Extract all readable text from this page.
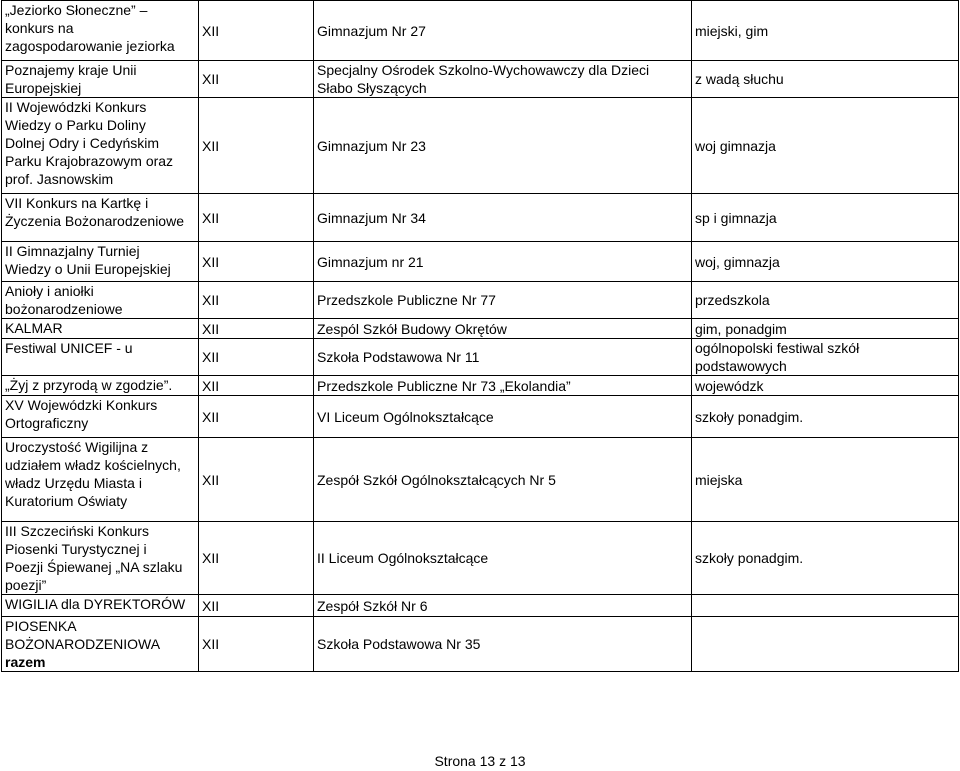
„Jeziorko Słoneczne” –
konkurs na
zagospodarowanie jeziorka	XII	Gimnazjum Nr 27	miejski, gim

Poznajemy kraje Unii
Europejskiej	XII	Specjalny Ośrodek Szkolno-Wychowawczy dla Dzieci
Słabo Słyszących	z wadą słuchu

II Wojewódzki Konkurs
Wiedzy o Parku Doliny
Dolnej Odry i Cedyńskim
Parku Krajobrazowym oraz
prof. Jasnowskim	XII	Gimnazjum Nr 23	woj gimnazja

VII Konkurs na Kartkę i
Życzenia Bożonarodzeniowe	XII	Gimnazjum Nr 34	sp i gimnazja

II Gimnazjalny Turniej
Wiedzy o Unii Europejskiej	XII	Gimnazjum nr 21	woj, gimnazja

Anioły i aniołki
bożonarodzeniowe	XII	Przedszkole Publiczne Nr 77	przedszkola

KALMAR	XII	Zespól Szkół Budowy Okrętów	gim, ponadgim

Festiwal UNICEF - u	XII	Szkoła Podstawowa Nr 11	ogólnopolski festiwal szkół
podstawowych

„Żyj z przyrodą w zgodzie”.	XII	Przedszkole Publiczne Nr 73 „Ekolandia”	wojewódzk

XV Wojewódzki Konkurs
Ortograficzny	XII	VI Liceum Ogólnokształcące	szkoły ponadgim.

Uroczystość Wigilijna z
udziałem władz kościelnych,
władz Urzędu Miasta i
Kuratorium Oświaty	XII	Zespół Szkół Ogólnokształcących Nr 5	miejska

III Szczeciński Konkurs
Piosenki Turystycznej i
Poezji Śpiewanej „NA szlaku
poezji”	XII	II Liceum Ogólnokształcące	szkoły ponadgim.

WIGILIA dla DYREKTORÓW	XII	Zespół Szkół Nr 6	

PIOSENKA
BOŻONARODZENIOWA
razem	XII	Szkoła Podstawowa Nr 35	

Strona 13 z 13
